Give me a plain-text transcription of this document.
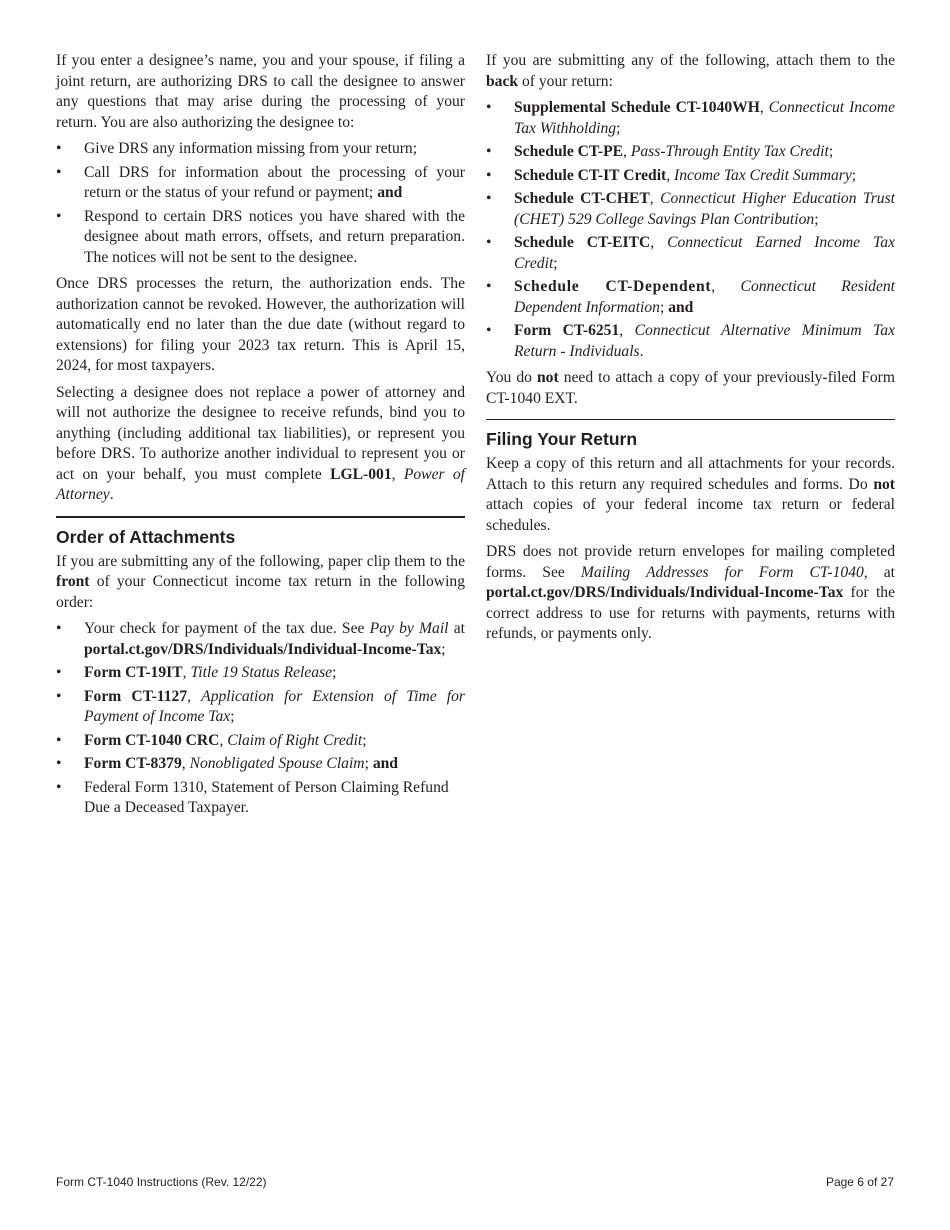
If you enter a designee’s name, you and your spouse, if filing a joint return, are authorizing DRS to call the designee to answer any questions that may arise during the processing of your return. You are also authorizing the designee to:

• Give DRS any information missing from your return;
• Call DRS for information about the processing of your return or the status of your refund or payment; and
• Respond to certain DRS notices you have shared with the designee about math errors, offsets, and return preparation. The notices will not be sent to the designee.

Once DRS processes the return, the authorization ends. The authorization cannot be revoked. However, the authorization will automatically end no later than the due date (without regard to extensions) for filing your 2023 tax return. This is April 15, 2024, for most taxpayers.

Selecting a designee does not replace a power of attorney and will not authorize the designee to receive refunds, bind you to anything (including additional tax liabilities), or represent you before DRS. To authorize another individual to represent you or act on your behalf, you must complete LGL-001, Power of Attorney.

Order of Attachments

If you are submitting any of the following, paper clip them to the front of your Connecticut income tax return in the following order:

• Your check for payment of the tax due. See Pay by Mail at portal.ct.gov/DRS/Individuals/Individual-Income-Tax;
• Form CT-19IT, Title 19 Status Release;
• Form CT-1127, Application for Extension of Time for Payment of Income Tax;
• Form CT-1040 CRC, Claim of Right Credit;
• Form CT-8379, Nonobligated Spouse Claim; and
• Federal Form 1310, Statement of Person Claiming Refund Due a Deceased Taxpayer.

If you are submitting any of the following, attach them to the back of your return:

• Supplemental Schedule CT-1040WH, Connecticut Income Tax Withholding;
• Schedule CT-PE, Pass-Through Entity Tax Credit;
• Schedule CT-IT Credit, Income Tax Credit Summary;
• Schedule CT-CHET, Connecticut Higher Education Trust (CHET) 529 College Savings Plan Contribution;
• Schedule CT-EITC, Connecticut Earned Income Tax Credit;
• Schedule CT-Dependent, Connecticut Resident Dependent Information; and
• Form CT-6251, Connecticut Alternative Minimum Tax Return - Individuals.

You do not need to attach a copy of your previously-filed Form CT-1040 EXT.

Filing Your Return

Keep a copy of this return and all attachments for your records. Attach to this return any required schedules and forms. Do not attach copies of your federal income tax return or federal schedules.

DRS does not provide return envelopes for mailing completed forms. See Mailing Addresses for Form CT-1040, at portal.ct.gov/DRS/Individuals/Individual-Income-Tax for the correct address to use for returns with payments, returns with refunds, or payments only.

Form CT-1040 Instructions (Rev. 12/22)	Page 6 of 27
